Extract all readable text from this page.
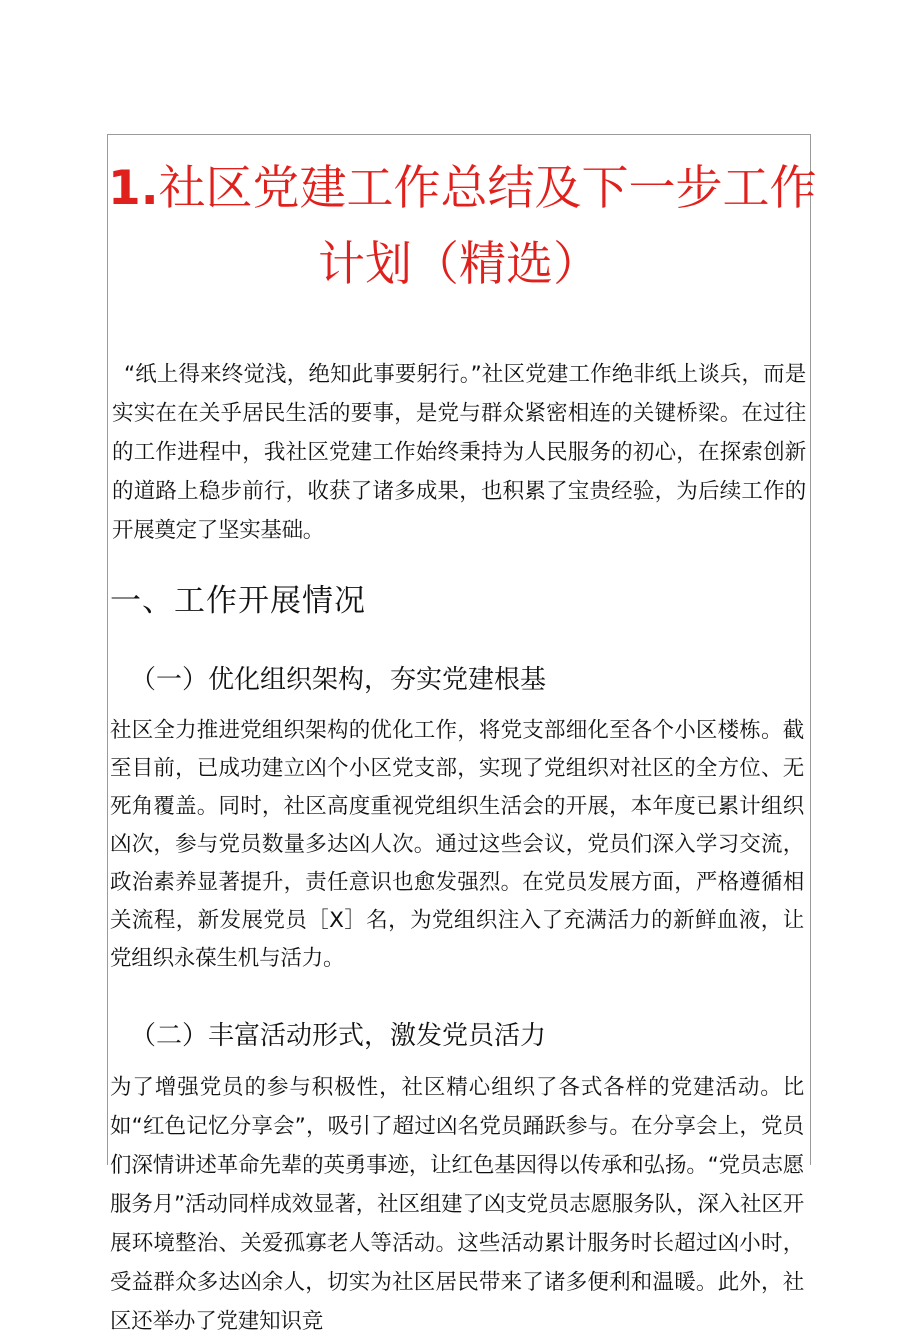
1.社区党建工作总结及下一步工作
计划（精选）

“纸上得来终觉浅，绝知此事要躬行。”社区党建工作绝非纸上谈兵，而是实实在在关乎居民生活的要事，是党与群众紧密相连的关键桥梁。在过往的工作进程中，我社区党建工作始终秉持为人民服务的初心，在探索创新的道路上稳步前行，收获了诸多成果，也积累了宝贵经验，为后续工作的开展奠定了坚实基础。

一、工作开展情况
（一）优化组织架构，夯实党建根基

社区全力推进党组织架构的优化工作，将党支部细化至各个小区楼栋。截至目前，已成功建立凶个小区党支部，实现了党组织对社区的全方位、无死角覆盖。同时，社区高度重视党组织生活会的开展，本年度已累计组织凶次，参与党员数量多达凶人次。通过这些会议，党员们深入学习交流，政治素养显著提升，责任意识也愈发强烈。在党员发展方面，严格遵循相关流程，新发展党员［X］名，为党组织注入了充满活力的新鲜血液，让党组织永葆生机与活力。

（二）丰富活动形式，激发党员活力

为了增强党员的参与积极性，社区精心组织了各式各样的党建活动。比如“红色记忆分享会”，吸引了超过凶名党员踊跃参与。在分享会上，党员们深情讲述革命先辈的英勇事迹，让红色基因得以传承和弘扬。“党员志愿服务月”活动同样成效显著，社区组建了凶支党员志愿服务队，深入社区开展环境整治、关爱孤寡老人等活动。这些活动累计服务时长超过凶小时，受益群众多达凶余人，切实为社区居民带来了诸多便利和温暖。此外，社区还举办了党建知识竞
